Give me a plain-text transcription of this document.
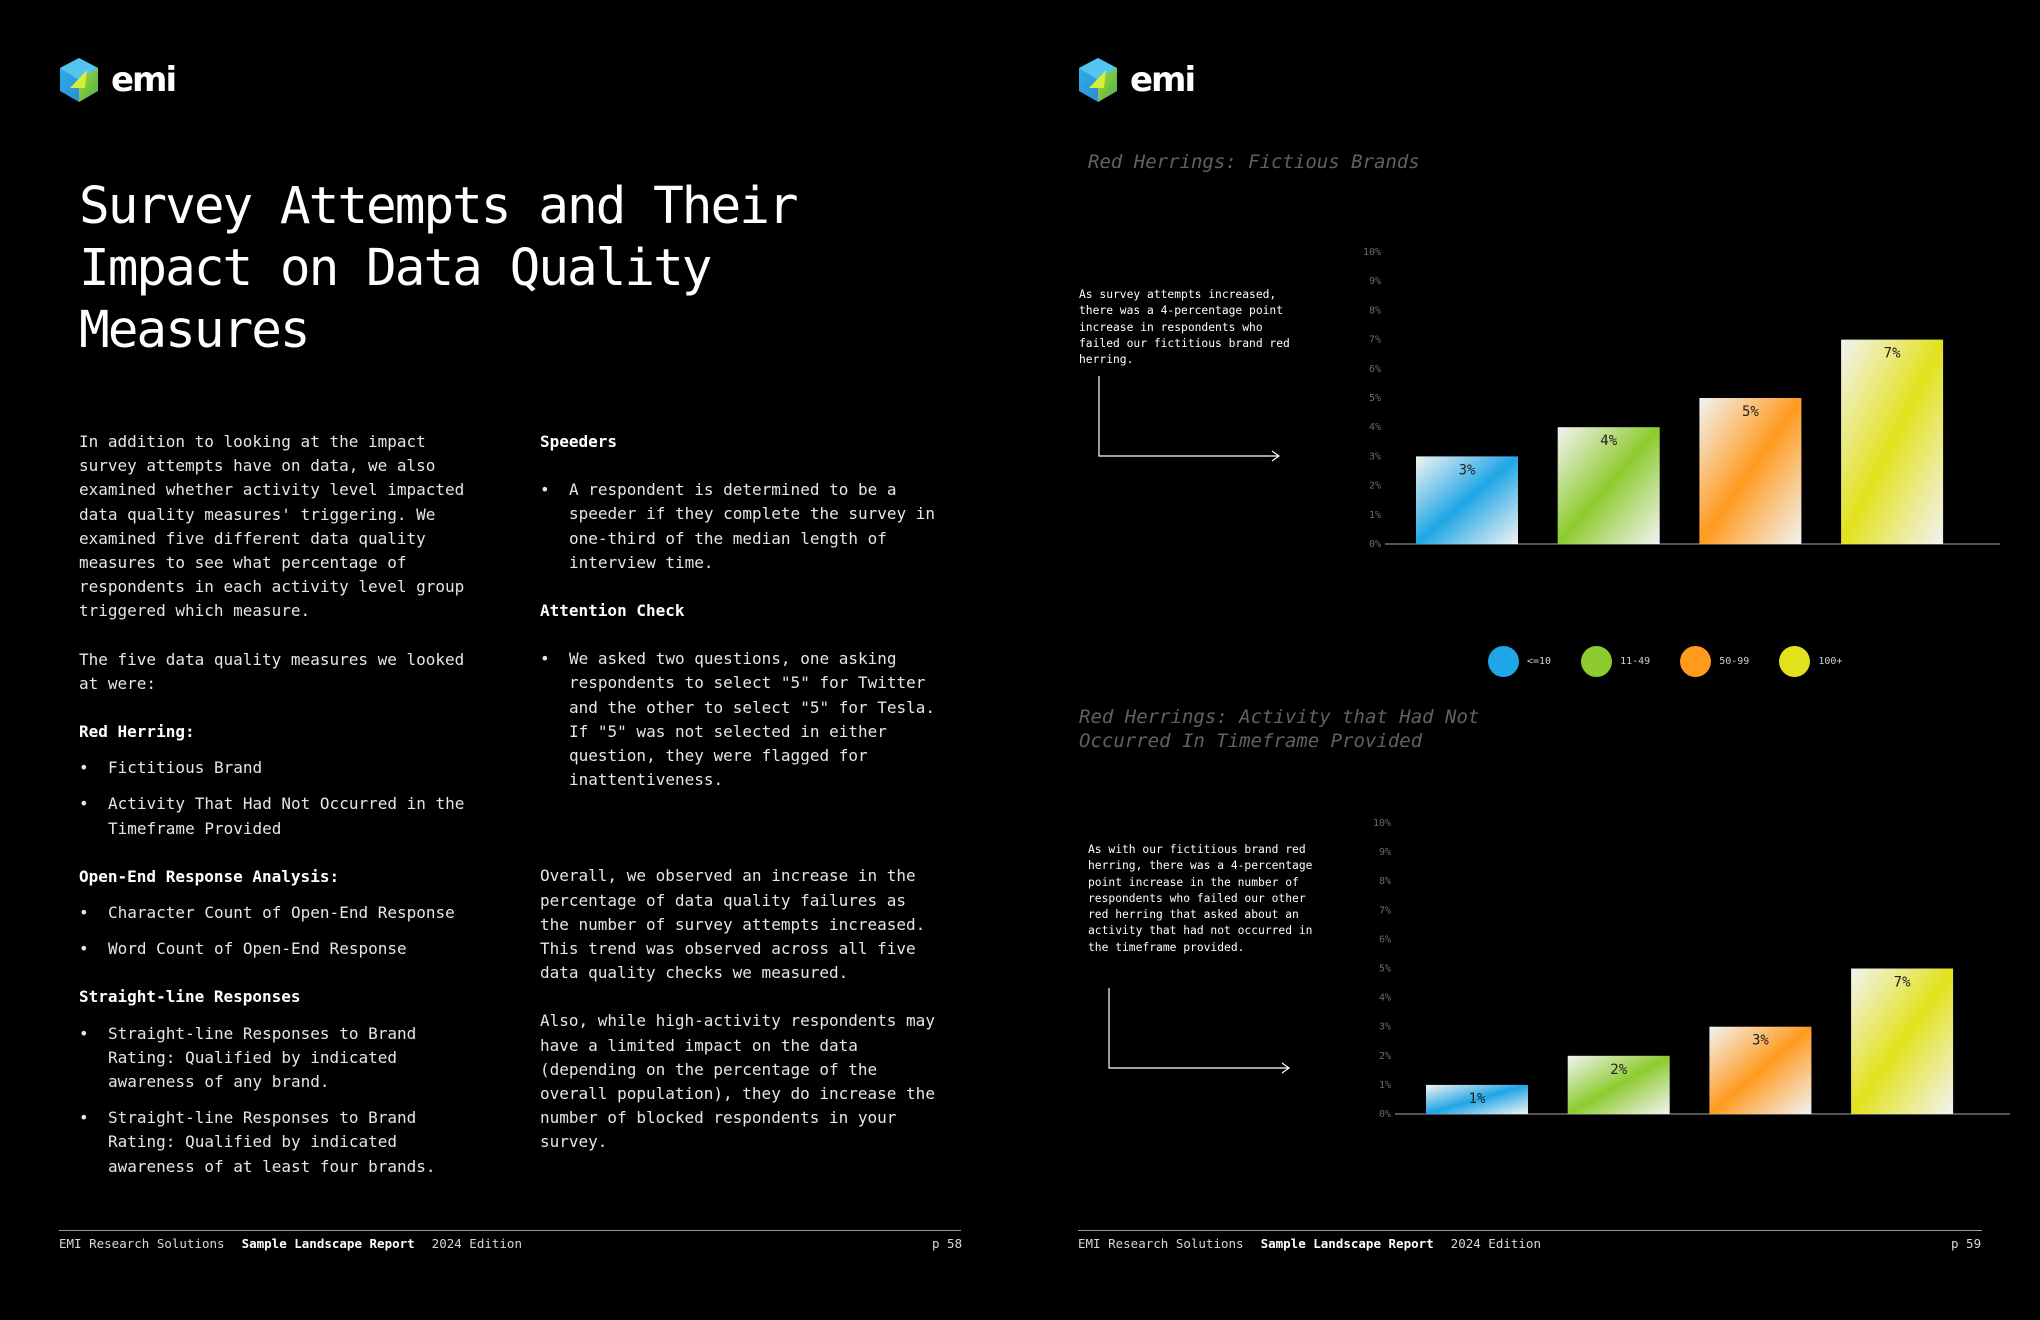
emi
Survey Attempts and Their Impact on Data Quality Measures

In addition to looking at the impact survey attempts have on data, we also examined whether activity level impacted data quality measures' triggering. We examined five different data quality measures to see what percentage of respondents in each activity level group triggered which measure.

The five data quality measures we looked at were:

Red Herring:

• Fictitious Brand
• Activity That Had Not Occurred in the Timeframe Provided

Open-End Response Analysis:

• Character Count of Open-End Response
• Word Count of Open-End Response

Straight-line Responses

• Straight-line Responses to Brand Rating: Qualified by indicated awareness of any brand.
• Straight-line Responses to Brand Rating: Qualified by indicated awareness of at least four brands.

Speeders

• A respondent is determined to be a speeder if they complete the survey in one-third of the median length of interview time.

Attention Check

• We asked two questions, one asking respondents to select "5" for Twitter and the other to select "5" for Tesla. If "5" was not selected in either question, they were flagged for inattentiveness.

Overall, we observed an increase in the percentage of data quality failures as the number of survey attempts increased. This trend was observed across all five data quality checks we measured.

Also, while high-activity respondents may have a limited impact on the data (depending on the percentage of the overall population), they do increase the number of blocked respondents in your survey.

EMI Research Solutions Sample Landscape Report 2024 Edition	p 58
emi
Red Herrings: Fictious Brands

As survey attempts increased, there was a 4-percentage point increase in respondents who failed our fictitious brand red herring.

0%
1%
2%
3%
4%
5%
6%
7%
8%
9%
10%
3%
4%
5%
7%
<=10	11-49	50-99	100+
Red Herrings: Activity that Had Not Occurred In Timeframe Provided

As with our fictitious brand red herring, there was a 4-percentage point increase in the number of respondents who failed our other red herring that asked about an activity that had not occurred in the timeframe provided.

0%
1%
2%
3%
4%
5%
6%
7%
8%
9%
10%
1%
2%
3%
7%
EMI Research Solutions Sample Landscape Report 2024 Edition	p 59
